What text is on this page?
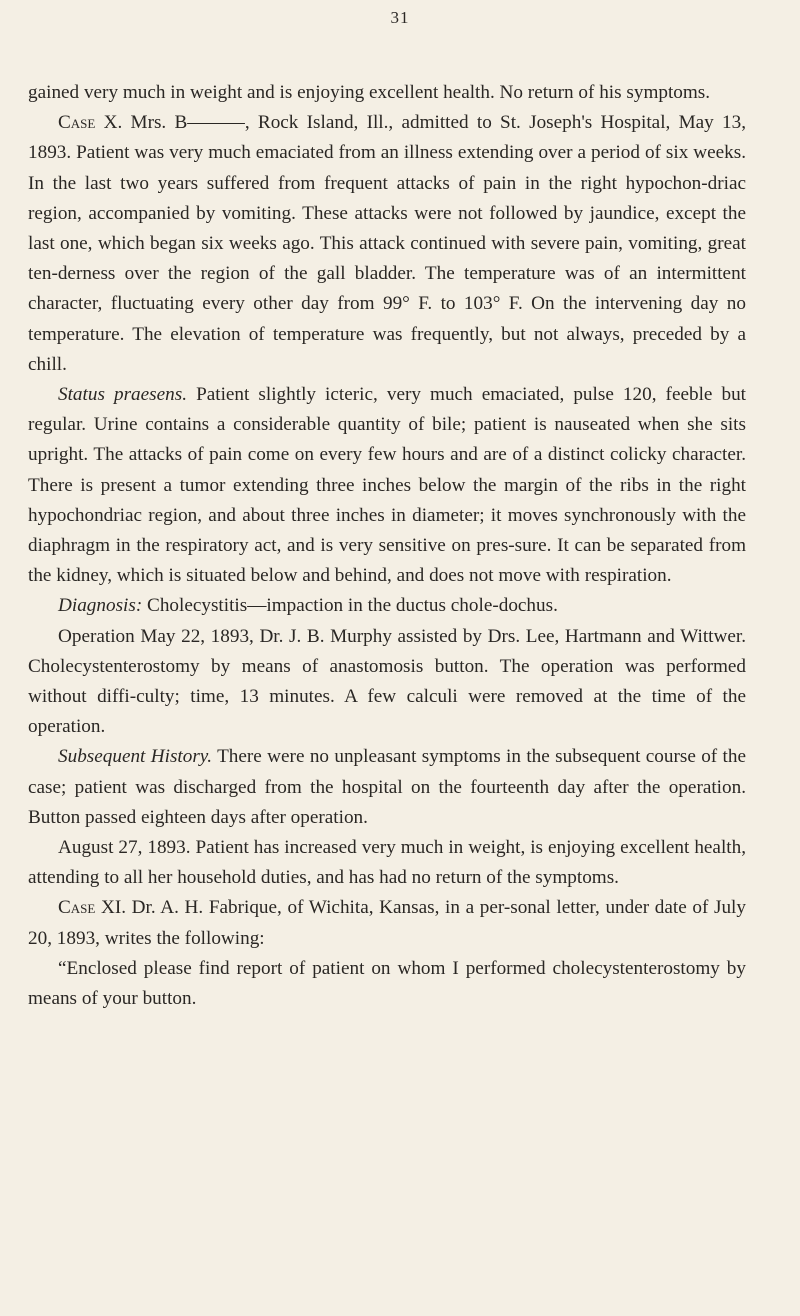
31

gained very much in weight and is enjoying excellent health. No return of his symptoms.

Case X. Mrs. B———, Rock Island, Ill., admitted to St. Joseph's Hospital, May 13, 1893. Patient was very much emaciated from an illness extending over a period of six weeks. In the last two years suffered from frequent attacks of pain in the right hypochon-driac region, accompanied by vomiting. These attacks were not followed by jaundice, except the last one, which began six weeks ago. This attack continued with severe pain, vomiting, great ten-derness over the region of the gall bladder. The temperature was of an intermittent character, fluctuating every other day from 99° F. to 103° F. On the intervening day no temperature. The elevation of temperature was frequently, but not always, preceded by a chill.

Status praesens. Patient slightly icteric, very much emaciated, pulse 120, feeble but regular. Urine contains a considerable quantity of bile; patient is nauseated when she sits upright. The attacks of pain come on every few hours and are of a distinct colicky character. There is present a tumor extending three inches below the margin of the ribs in the right hypochondriac region, and about three inches in diameter; it moves synchronously with the diaphragm in the respiratory act, and is very sensitive on pres-sure. It can be separated from the kidney, which is situated below and behind, and does not move with respiration.

Diagnosis: Cholecystitis—impaction in the ductus chole-dochus.

Operation May 22, 1893, Dr. J. B. Murphy assisted by Drs. Lee, Hartmann and Wittwer. Cholecystenterostomy by means of anastomosis button. The operation was performed without diffi-culty; time, 13 minutes. A few calculi were removed at the time of the operation.

Subsequent History. There were no unpleasant symptoms in the subsequent course of the case; patient was discharged from the hospital on the fourteenth day after the operation. Button passed eighteen days after operation.

August 27, 1893. Patient has increased very much in weight, is enjoying excellent health, attending to all her household duties, and has had no return of the symptoms.

Case XI. Dr. A. H. Fabrique, of Wichita, Kansas, in a per-sonal letter, under date of July 20, 1893, writes the following:

“Enclosed please find report of patient on whom I performed cholecystenterostomy by means of your button.
